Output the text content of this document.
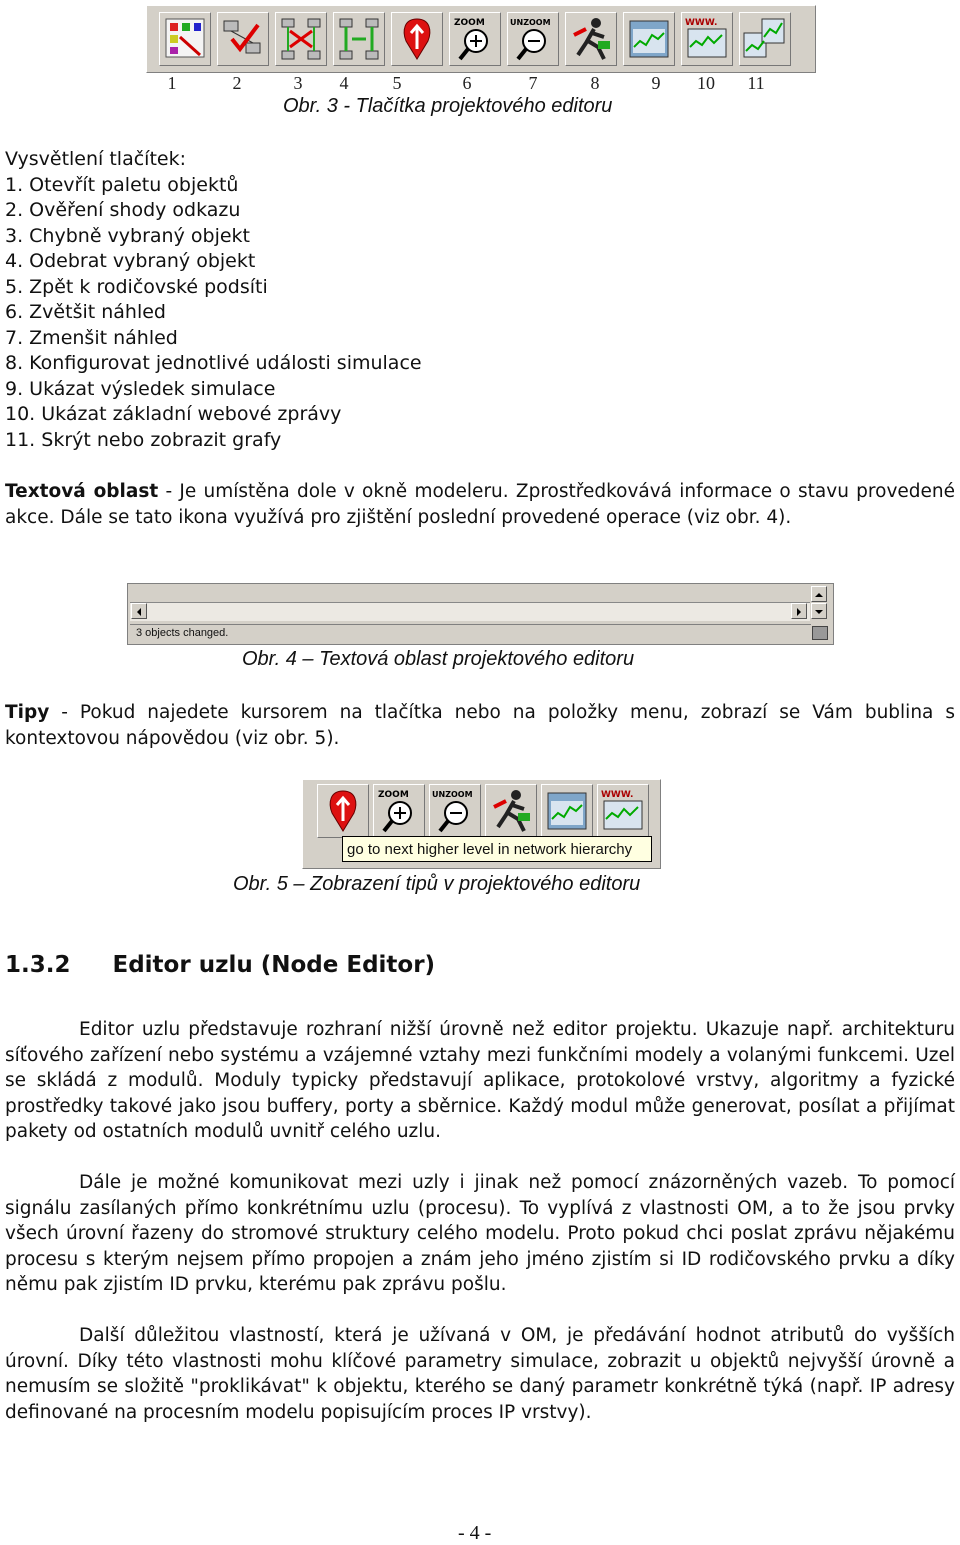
ZOOM	UNZOOM	WWW.
1	2	3	4	5	6	7	8	9	10	11
Obr. 3 - Tlačítka projektového editoru
Vysvětlení tlačítek:
1. Otevřít paletu objektů
2. Ověření shody odkazu
3. Chybně vybraný objekt
4. Odebrat vybraný objekt
5. Zpět k rodičovské podsíti
6. Zvětšit náhled
7. Zmenšit náhled
8. Konfigurovat jednotlivé události simulace
9. Ukázat výsledek simulace
10. Ukázat základní webové zprávy
11. Skrýt nebo zobrazit grafy
Textová oblast - Je umístěna dole v okně modeleru. Zprostředkovává informace o stavu provedené akce. Dále se tato ikona využívá pro zjištění poslední provedené operace (viz obr. 4).
3 objects changed.
Obr. 4 – Textová oblast projektového editoru
Tipy - Pokud najedete kursorem na tlačítka nebo na položky menu, zobrazí se Vám bublina s kontextovou nápovědou (viz obr. 5).
ZOOM	UNZOOM	WWW.
go to next higher level in network hierarchy
Obr. 5 – Zobrazení tipů v projektového editoru
1.3.2 Editor uzlu (Node Editor)
Editor uzlu představuje rozhraní nižší úrovně než editor projektu. Ukazuje např. architekturu síťového zařízení nebo systému a vzájemné vztahy mezi funkčními modely a volanými funkcemi. Uzel se skládá z modulů. Moduly typicky představují aplikace, protokolové vrstvy, algoritmy a fyzické prostředky takové jako jsou buffery, porty a sběrnice. Každý modul může generovat, posílat a přijímat pakety od ostatních modulů uvnitř celého uzlu.
Dále je možné komunikovat mezi uzly i jinak než pomocí znázorněných vazeb. To pomocí signálu zasílaných přímo konkrétnímu uzlu (procesu). To vyplívá z vlastnosti OM, a to že jsou prvky všech úrovní řazeny do stromové struktury celého modelu. Proto pokud chci poslat zprávu nějakému procesu s kterým nejsem přímo propojen a znám jeho jméno zjistím si ID rodičovského prvku a díky němu pak zjistím ID prvku, kterému pak zprávu pošlu.
Další důležitou vlastností, která je užívaná v OM, je předávání hodnot atributů do vyšších úrovní. Díky této vlastnosti mohu klíčové parametry simulace, zobrazit u objektů nejvyšší úrovně a nemusím se složitě "proklikávat" k objektu, kterého se daný parametr konkrétně týká (např. IP adresy definované na procesním modelu popisujícím proces IP vrstvy).
- 4 -
